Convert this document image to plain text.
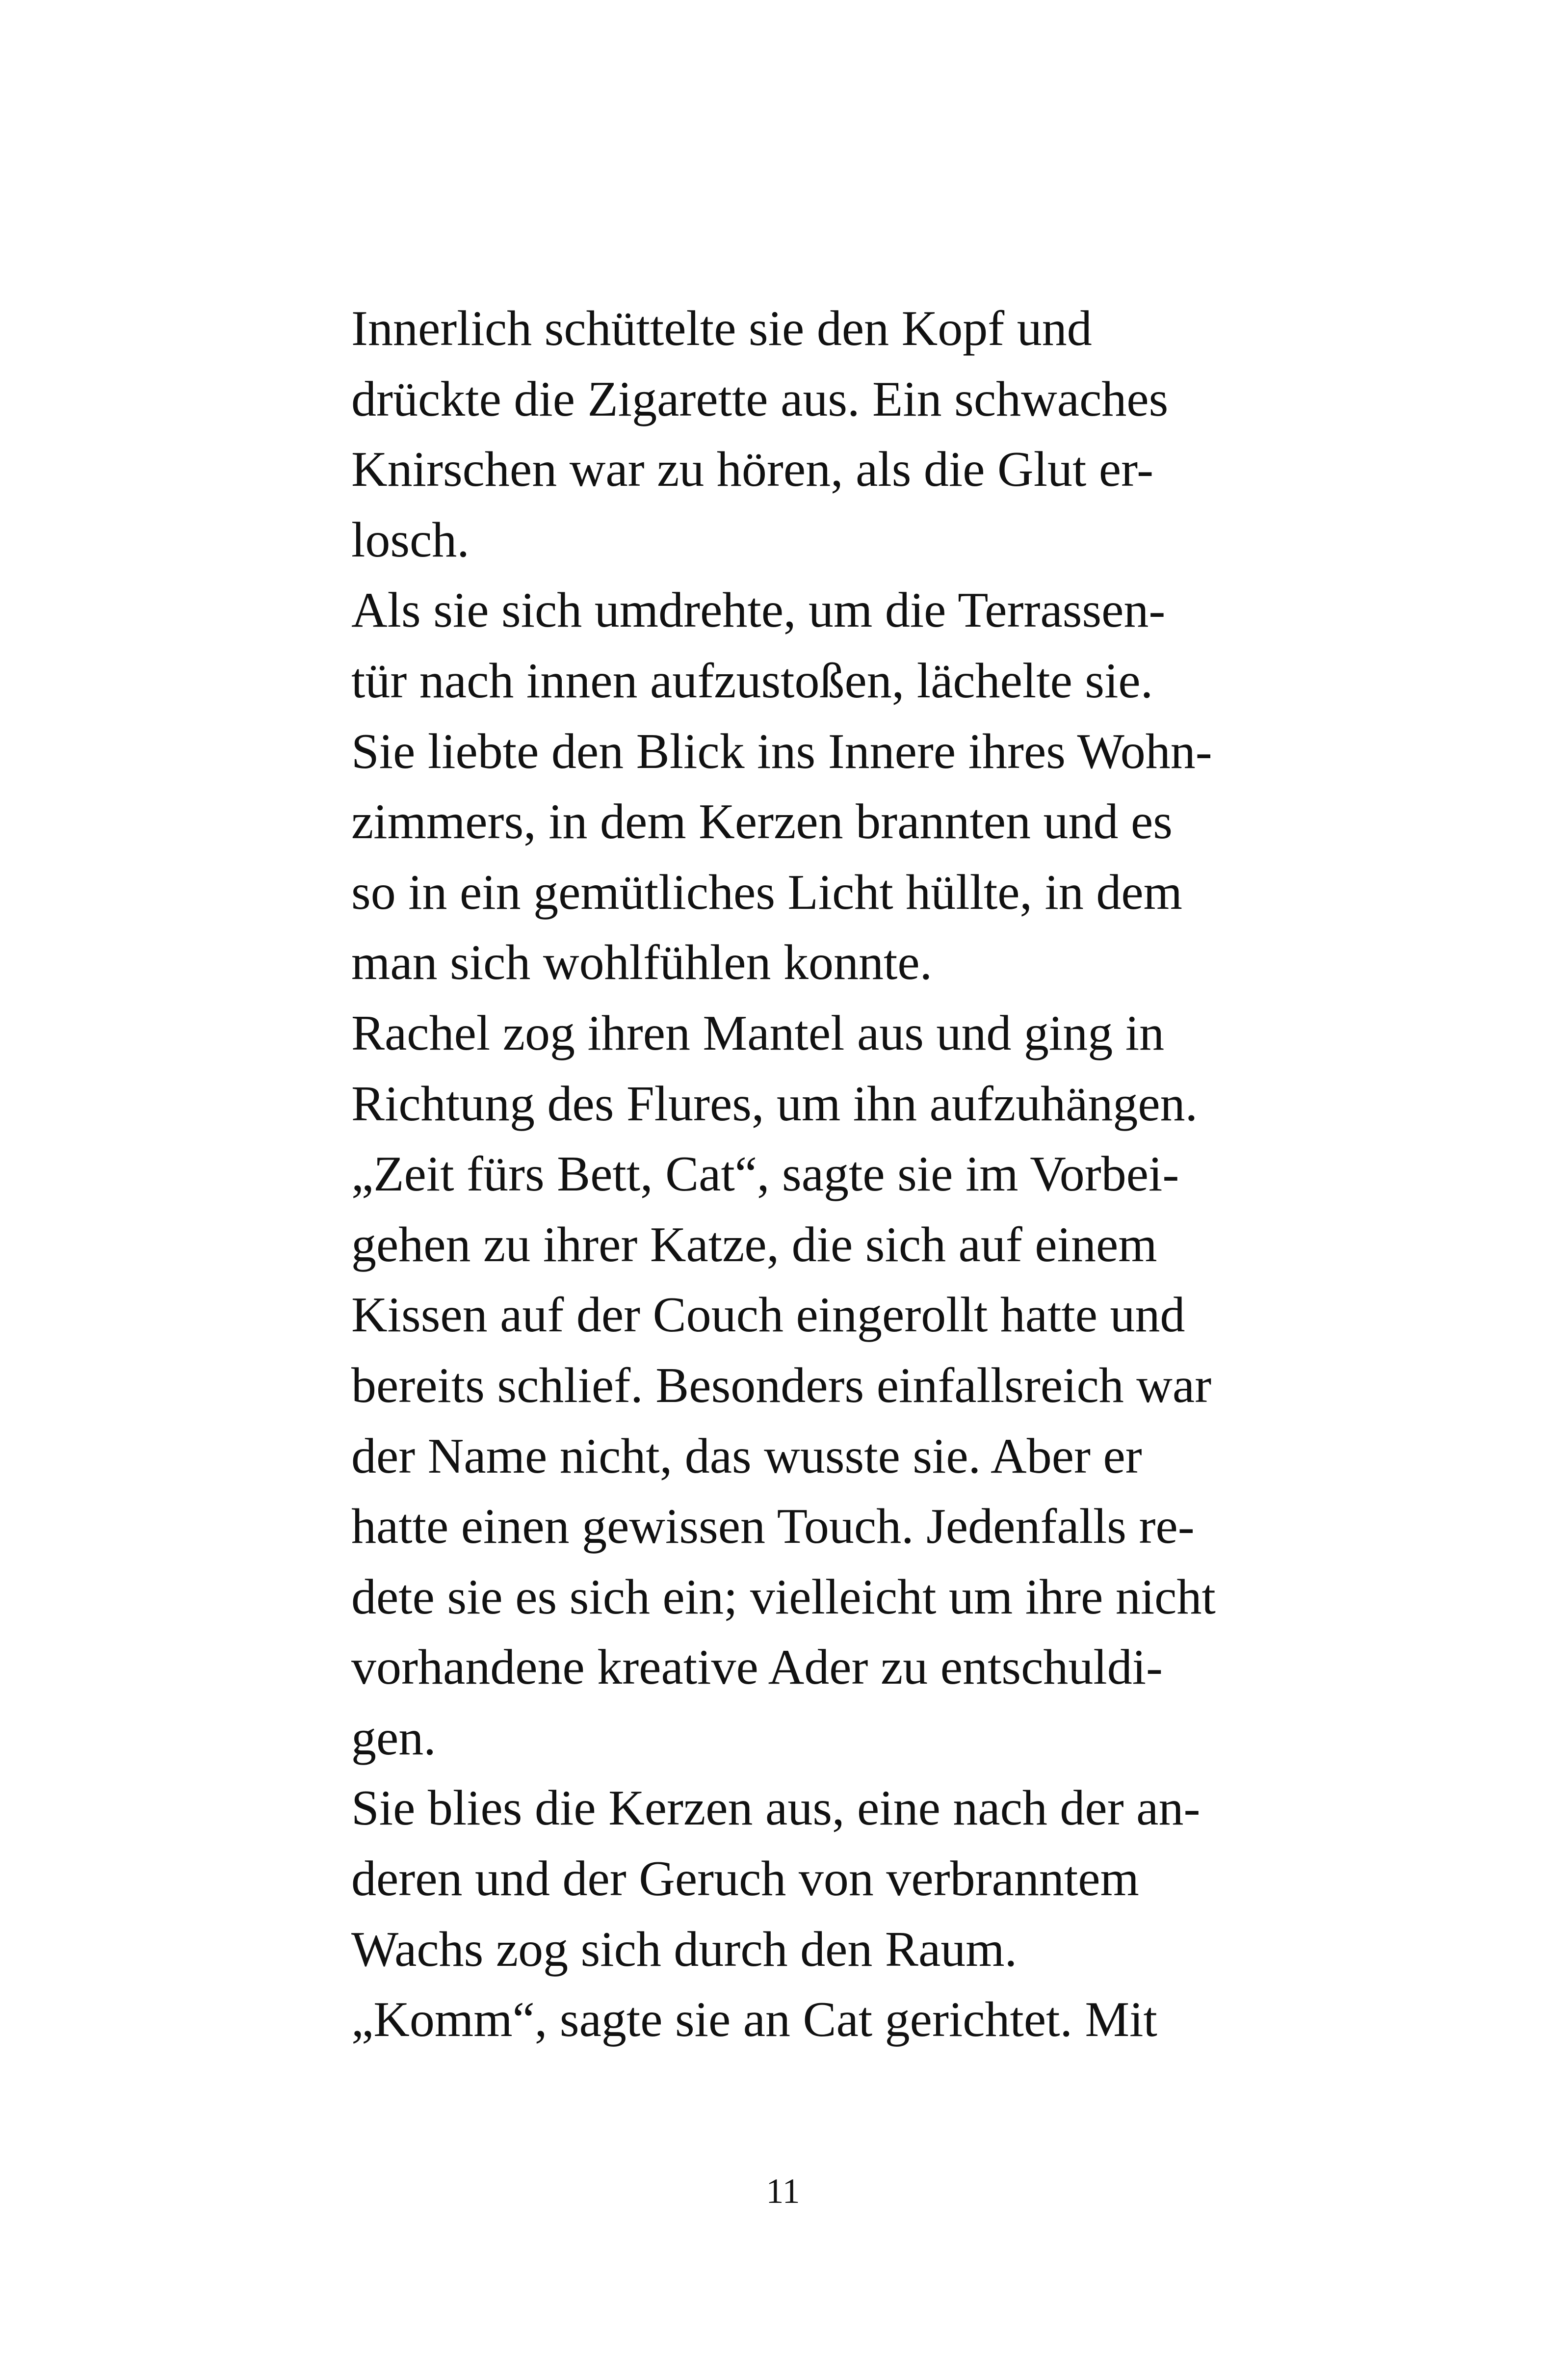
Innerlich schüttelte sie den Kopf und
drückte die Zigarette aus. Ein schwaches
Knirschen war zu hören, als die Glut er-
losch.
Als sie sich umdrehte, um die Terrassen-
tür nach innen aufzustoßen, lächelte sie.
Sie liebte den Blick ins Innere ihres Wohn-
zimmers, in dem Kerzen brannten und es
so in ein gemütliches Licht hüllte, in dem
man sich wohlfühlen konnte.
Rachel zog ihren Mantel aus und ging in
Richtung des Flures, um ihn aufzuhängen.
„Zeit fürs Bett, Cat“, sagte sie im Vorbei-
gehen zu ihrer Katze, die sich auf einem
Kissen auf der Couch eingerollt hatte und
bereits schlief. Besonders einfallsreich war
der Name nicht, das wusste sie. Aber er
hatte einen gewissen Touch. Jedenfalls re-
dete sie es sich ein; vielleicht um ihre nicht
vorhandene kreative Ader zu entschuldi-
gen.
Sie blies die Kerzen aus, eine nach der an-
deren und der Geruch von verbranntem
Wachs zog sich durch den Raum.
„Komm“, sagte sie an Cat gerichtet. Mit
11
